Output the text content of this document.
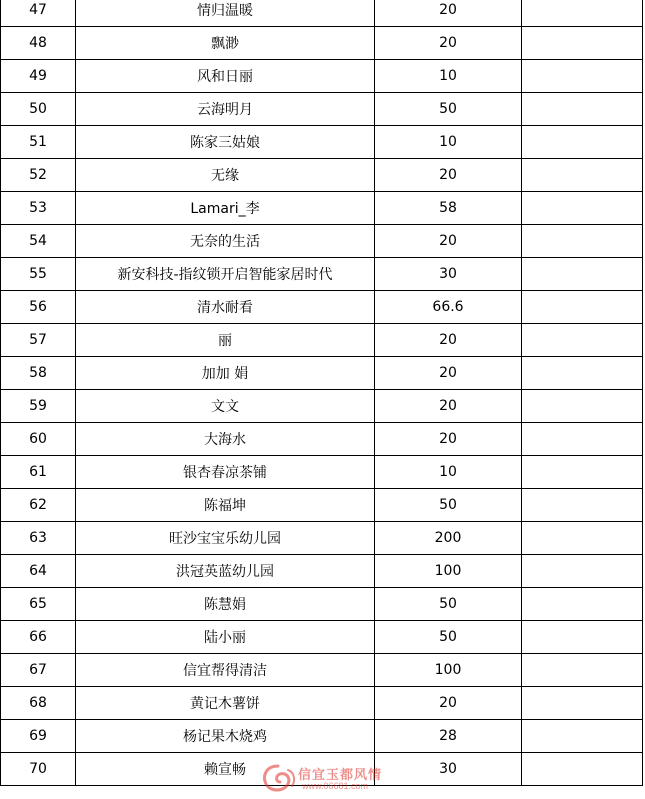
47	情归温暖	20	
48	飘渺	20	
49	风和日丽	10	
50	云海明月	50	
51	陈家三姑娘	10	
52	无缘	20	
53	Lamari_李	58	
54	无奈的生活	20	
55	新安科技-指纹锁开启智能家居时代	30	
56	清水耐看	66.6	
57	丽	20	
58	加加 娟	20	
59	文文	20	
60	大海水	20	
61	银杏春凉茶铺	10	
62	陈福坤	50	
63	旺沙宝宝乐幼儿园	200	
64	洪冠英蓝幼儿园	100	
65	陈慧娟	50	
66	陆小丽	50	
67	信宜帮得清洁	100	
68	黄记木薯饼	20	
69	杨记果木烧鸡	28	
70	赖宣畅	30	
信宜玉都风情
www.06681.com
